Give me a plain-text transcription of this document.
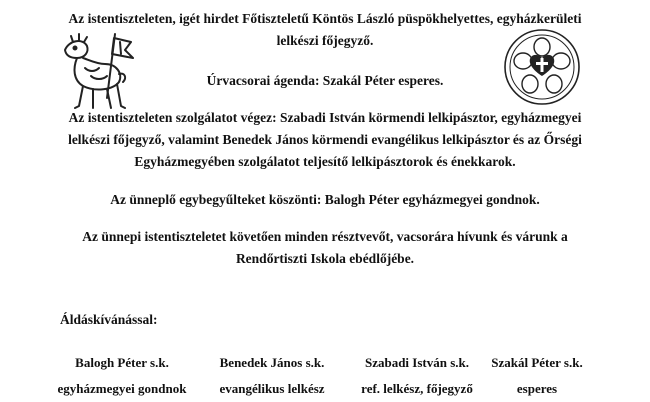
Az istentiszteleten, igét hirdet Főtiszteletű Köntös László püspökhelyettes, egyházkerületi
lelkészi főjegyző.
Úrvacsorai ágenda: Szakál Péter esperes.
Az istentiszteleten szolgálatot végez: Szabadi István körmendi lelkipásztor, egyházmegyei
lelkészi főjegyző, valamint Benedek János körmendi evangélikus lelkipásztor és az Őrségi
Egyházmegyében szolgálatot teljesítő lelkipásztorok és énekkarok.
Az ünneplő egybegyűlteket köszönti: Balogh Péter egyházmegyei gondnok.
Az ünnepi istentiszteletet követően minden résztvevőt, vacsorára hívunk és várunk a
Rendőrtiszti Iskola ebédlőjébe.
Áldáskívánással:
Balogh Péter s.k.
egyházmegyei gondnok
Benedek János s.k.
evangélikus lelkész
Szabadi István s.k.
ref. lelkész, főjegyző
Szakál Péter s.k.
esperes
